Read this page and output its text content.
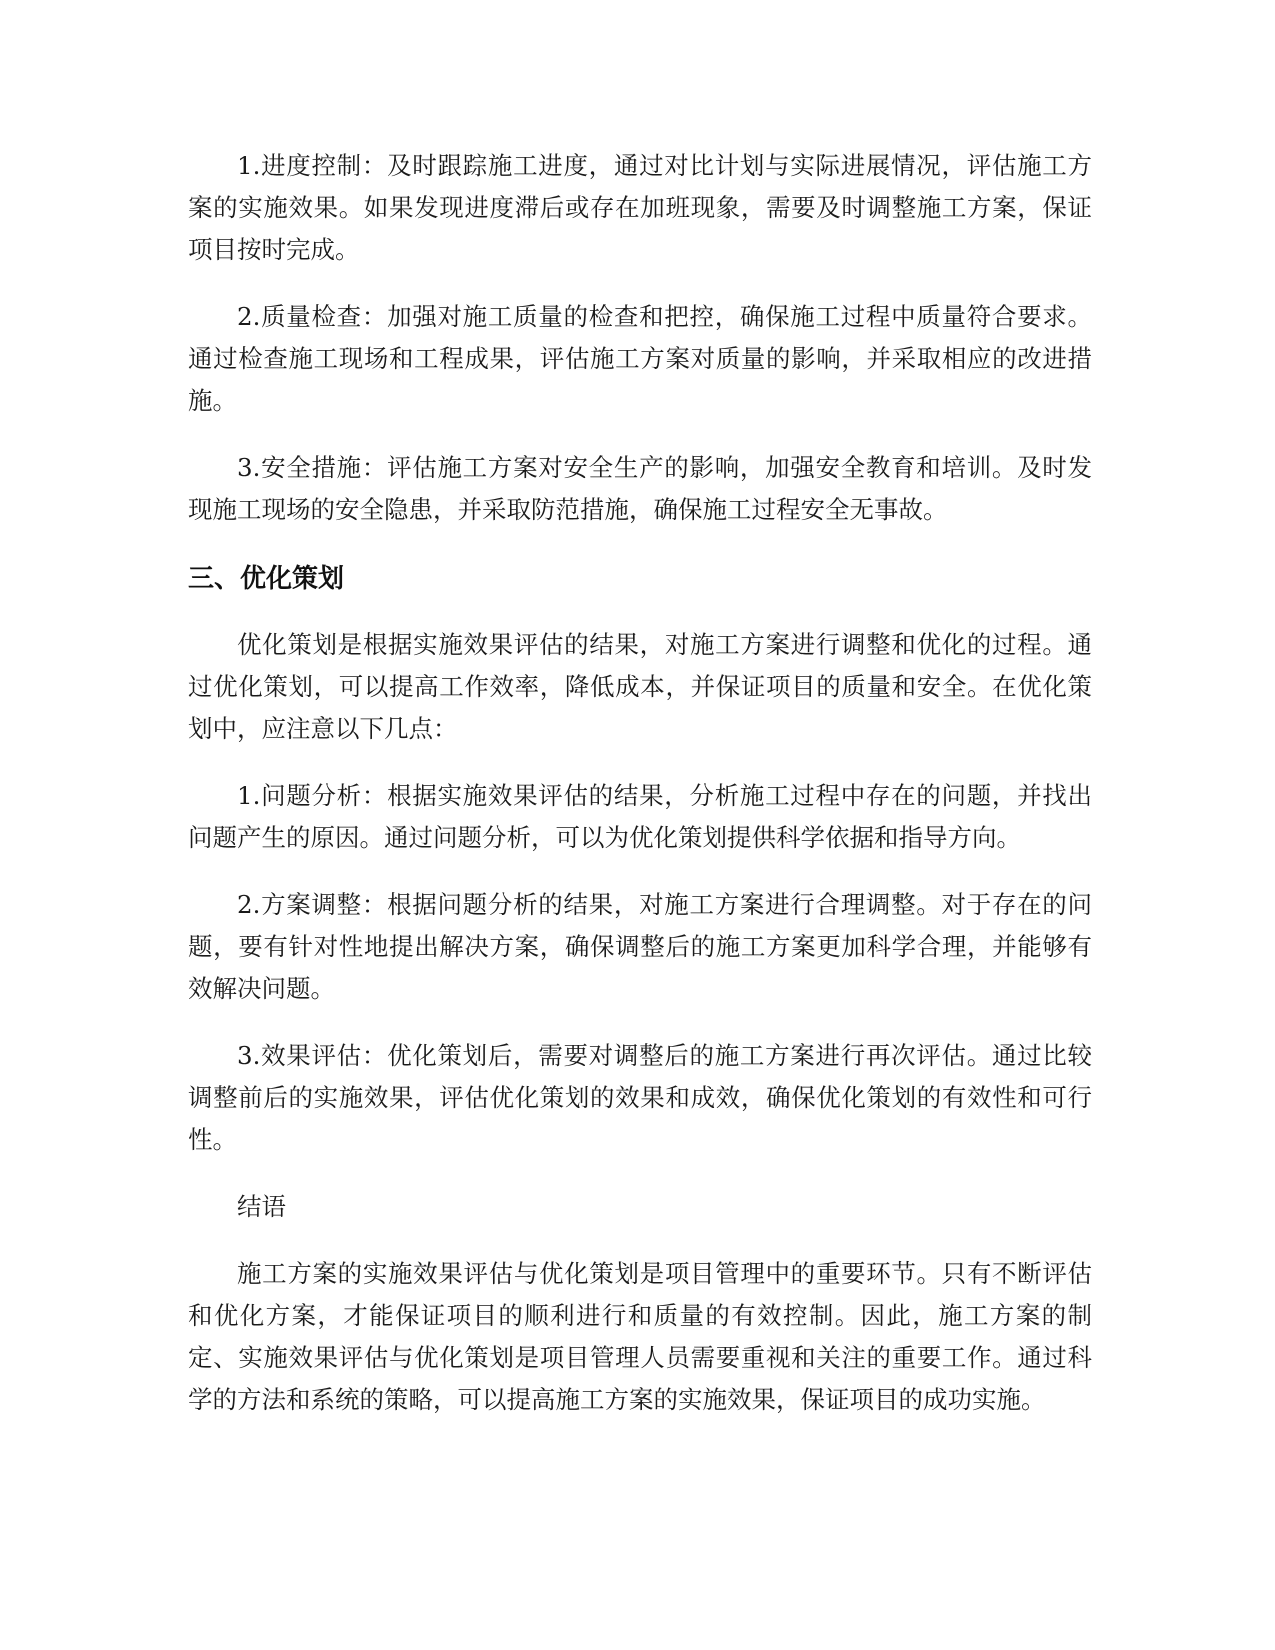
1.进度控制：及时跟踪施工进度，通过对比计划与实际进展情况，评估施工方案的实施效果。如果发现进度滞后或存在加班现象，需要及时调整施工方案，保证项目按时完成。

2.质量检查：加强对施工质量的检查和把控，确保施工过程中质量符合要求。通过检查施工现场和工程成果，评估施工方案对质量的影响，并采取相应的改进措施。

3.安全措施：评估施工方案对安全生产的影响，加强安全教育和培训。及时发现施工现场的安全隐患，并采取防范措施，确保施工过程安全无事故。

三、优化策划

优化策划是根据实施效果评估的结果，对施工方案进行调整和优化的过程。通过优化策划，可以提高工作效率，降低成本，并保证项目的质量和安全。在优化策划中，应注意以下几点：

1.问题分析：根据实施效果评估的结果，分析施工过程中存在的问题，并找出问题产生的原因。通过问题分析，可以为优化策划提供科学依据和指导方向。

2.方案调整：根据问题分析的结果，对施工方案进行合理调整。对于存在的问题，要有针对性地提出解决方案，确保调整后的施工方案更加科学合理，并能够有效解决问题。

3.效果评估：优化策划后，需要对调整后的施工方案进行再次评估。通过比较调整前后的实施效果，评估优化策划的效果和成效，确保优化策划的有效性和可行性。

结语

施工方案的实施效果评估与优化策划是项目管理中的重要环节。只有不断评估和优化方案，才能保证项目的顺利进行和质量的有效控制。因此，施工方案的制定、实施效果评估与优化策划是项目管理人员需要重视和关注的重要工作。通过科学的方法和系统的策略，可以提高施工方案的实施效果，保证项目的成功实施。
